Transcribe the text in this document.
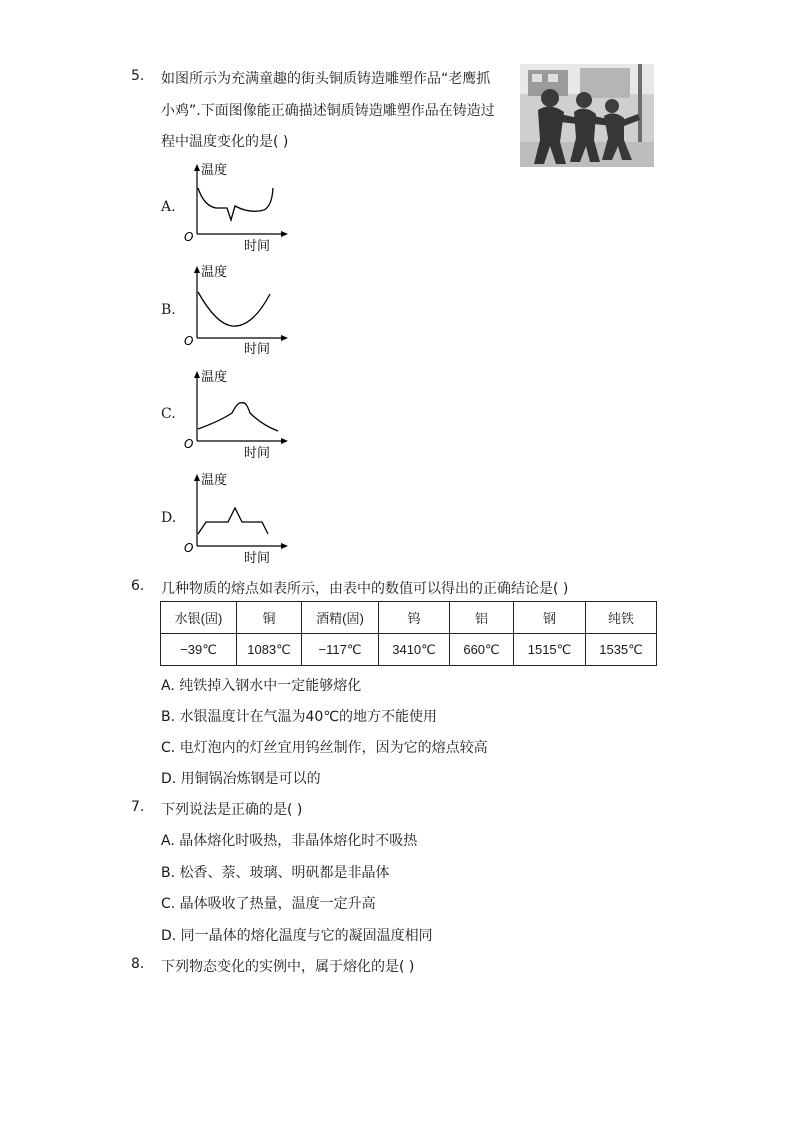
5. 如图所示为充满童趣的街头铜质铸造雕塑作品“老鹰抓
小鸡”.下面图像能正确描述铜质铸造雕塑作品在铸造过
程中温度变化的是( )
A.
温度
时间
O
B.
温度
时间
O
C.
温度
时间
O
D.
温度
时间
O
6. 几种物质的熔点如表所示，由表中的数值可以得出的正确结论是( )
水银(固)	铜	酒精(固)	钨	铝	钢	纯铁
−39℃	1083℃	−117℃	3410℃	660℃	1515℃	1535℃
A. 纯铁掉入钢水中一定能够熔化
B. 水银温度计在气温为40℃的地方不能使用
C. 电灯泡内的灯丝宜用钨丝制作，因为它的熔点较高
D. 用铜锅冶炼钢是可以的
7. 下列说法是正确的是( )
A. 晶体熔化时吸热，非晶体熔化时不吸热
B. 松香、萘、玻璃、明矾都是非晶体
C. 晶体吸收了热量，温度一定升高
D. 同一晶体的熔化温度与它的凝固温度相同
8. 下列物态变化的实例中，属于熔化的是( )
